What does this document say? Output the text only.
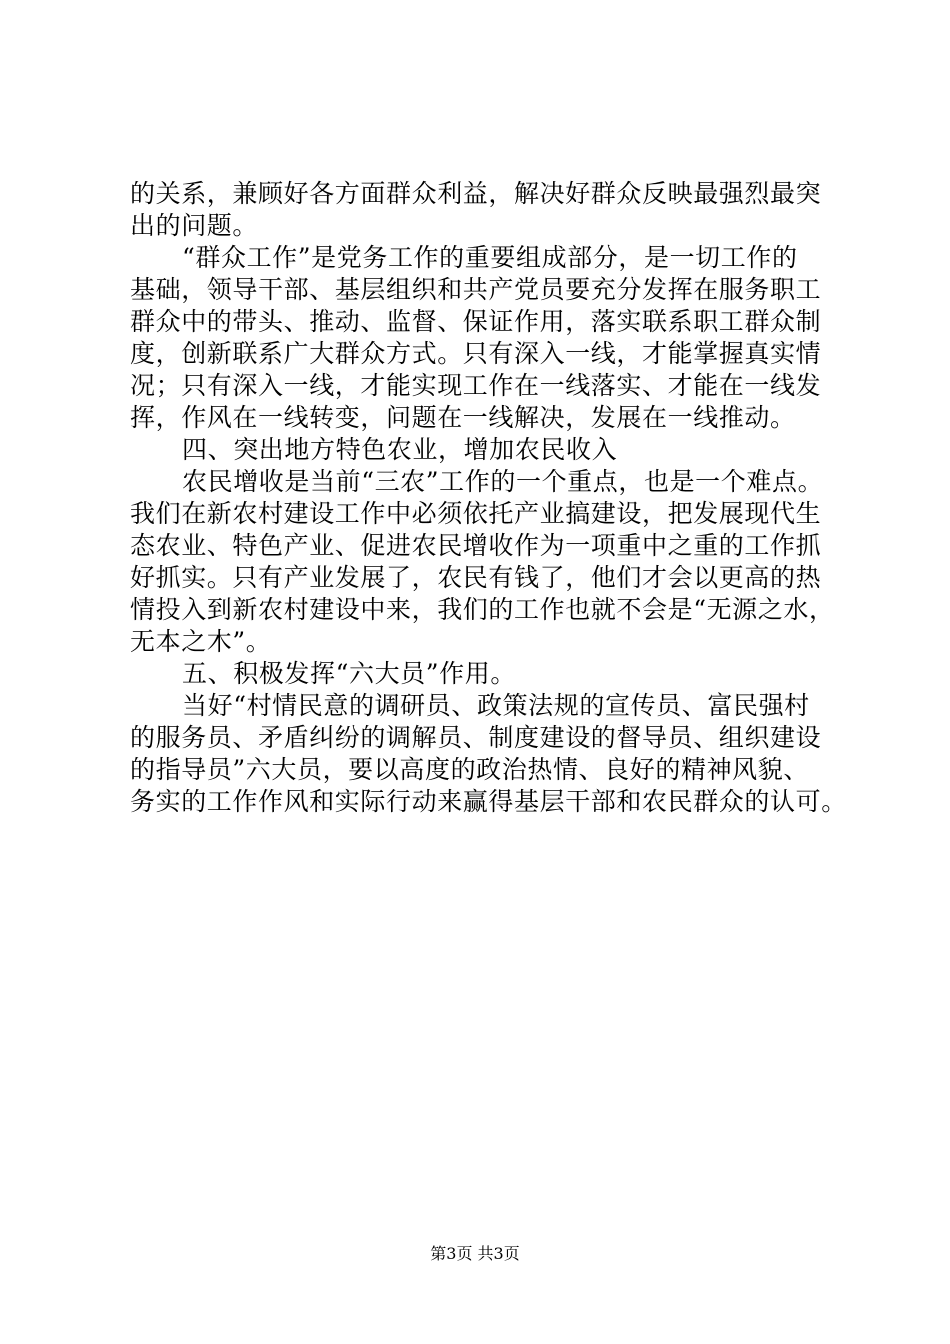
的关系，兼顾好各方面群众利益，解决好群众反映最强烈最突
出的问题。
“群众工作”是党务工作的重要组成部分，是一切工作的
基础，领导干部、基层组织和共产党员要充分发挥在服务职工
群众中的带头、推动、监督、保证作用，落实联系职工群众制
度，创新联系广大群众方式。只有深入一线，才能掌握真实情
况；只有深入一线，才能实现工作在一线落实、才能在一线发
挥，作风在一线转变，问题在一线解决，发展在一线推动。
四、突出地方特色农业，增加农民收入
农民增收是当前“三农”工作的一个重点，也是一个难点。
我们在新农村建设工作中必须依托产业搞建设，把发展现代生
态农业、特色产业、促进农民增收作为一项重中之重的工作抓
好抓实。只有产业发展了，农民有钱了，他们才会以更高的热
情投入到新农村建设中来，我们的工作也就不会是“无源之水，
无本之木”。
五、积极发挥“六大员”作用。
当好“村情民意的调研员、政策法规的宣传员、富民强村
的服务员、矛盾纠纷的调解员、制度建设的督导员、组织建设
的指导员”六大员，要以高度的政治热情、良好的精神风貌、
务实的工作作风和实际行动来赢得基层干部和农民群众的认可。
第3页 共3页
